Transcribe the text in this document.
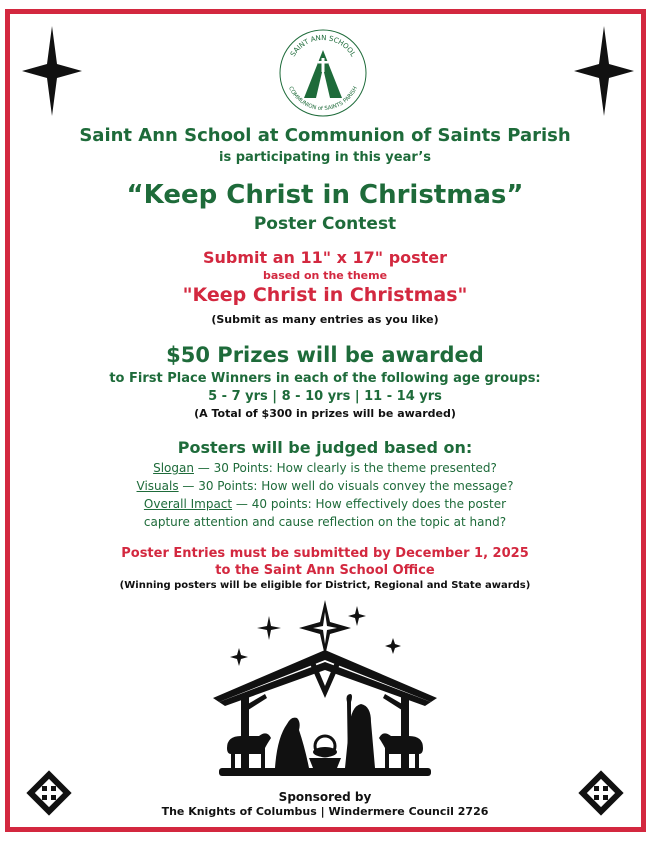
SAINT ANN SCHOOL
COMMUNION of SAINTS PARISH
Saint Ann School at Communion of Saints Parish
is participating in this year’s
“Keep Christ in Christmas”
Poster Contest
Submit an 11" x 17" poster
based on the theme
"Keep Christ in Christmas"
(Submit as many entries as you like)
$50 Prizes will be awarded
to First Place Winners in each of the following age groups:
5 - 7 yrs | 8 - 10 yrs | 11 - 14 yrs
(A Total of $300 in prizes will be awarded)
Posters will be judged based on:
Slogan — 30 Points: How clearly is the theme presented?
Visuals — 30 Points: How well do visuals convey the message?
Overall Impact — 40 points: How effectively does the poster
capture attention and cause reflection on the topic at hand?
Poster Entries must be submitted by December 1, 2025
to the Saint Ann School Office
(Winning posters will be eligible for District, Regional and State awards)
Sponsored by
The Knights of Columbus | Windermere Council 2726
